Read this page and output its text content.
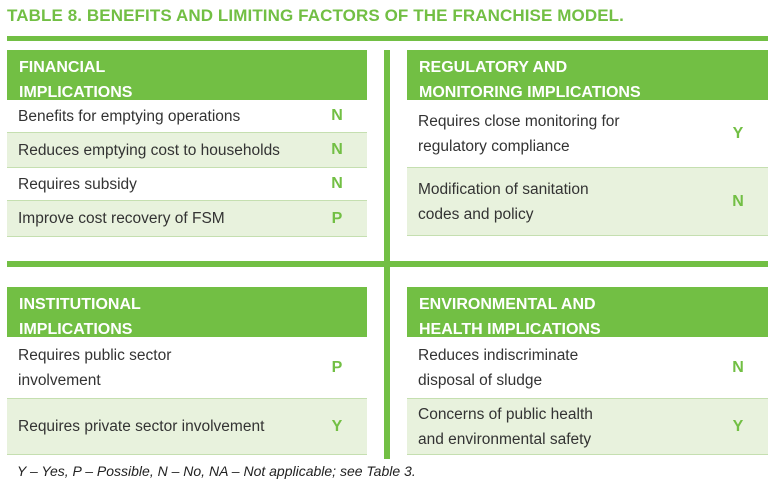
TABLE 8. BENEFITS AND LIMITING FACTORS OF THE FRANCHISE MODEL.
FINANCIAL
IMPLICATIONS
Benefits for emptying operations	N
Reduces emptying cost to households	N
Requires subsidy	N
Improve cost recovery of FSM	P
REGULATORY AND
MONITORING IMPLICATIONS
Requires close monitoring for
regulatory compliance
Y
Modification of sanitation
codes and policy
N
INSTITUTIONAL
IMPLICATIONS
Requires public sector
involvement
P
Requires private sector involvement	Y
ENVIRONMENTAL AND
HEALTH IMPLICATIONS
Reduces indiscriminate
disposal of sludge
N
Concerns of public health
and environmental safety
Y
Y – Yes, P – Possible, N – No, NA – Not applicable; see Table 3.
